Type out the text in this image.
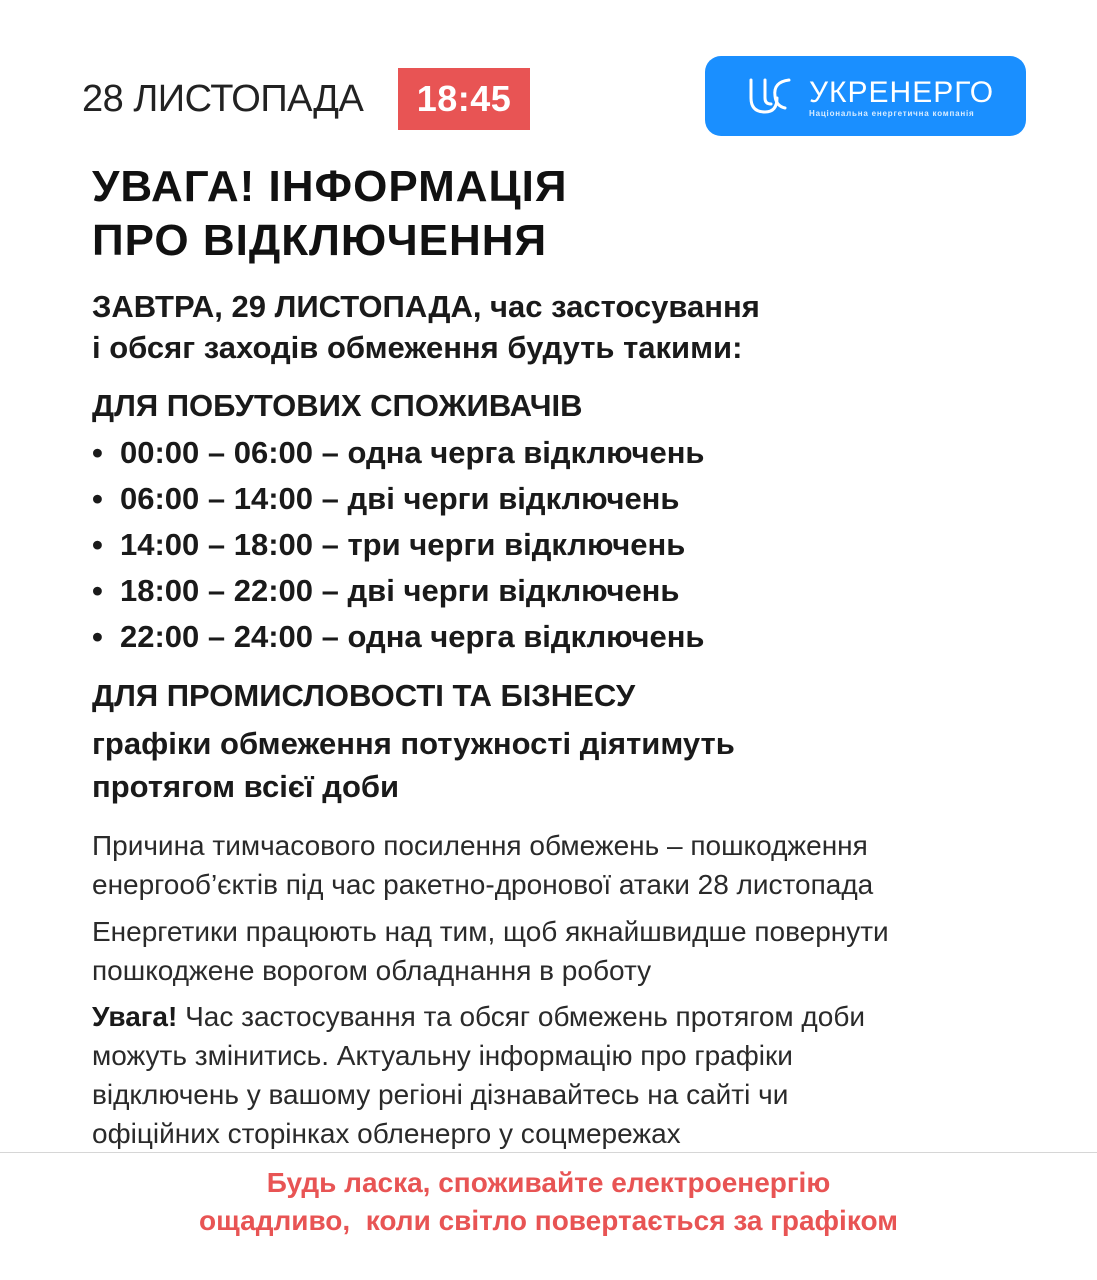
28 ЛИСТОПАДА	18:45	УКРЕНЕРГО
Національна енергетична компанія
УВАГА! ІНФОРМАЦІЯ
ПРО ВІДКЛЮЧЕННЯ
ЗАВТРА, 29 ЛИСТОПАДА, час застосування
і обсяг заходів обмеження будуть такими:
ДЛЯ ПОБУТОВИХ СПОЖИВАЧІВ
• 00:00 – 06:00 – одна черга відключень
• 06:00 – 14:00 – дві черги відключень
• 14:00 – 18:00 – три черги відключень
• 18:00 – 22:00 – дві черги відключень
• 22:00 – 24:00 – одна черга відключень
ДЛЯ ПРОМИСЛОВОСТІ ТА БІЗНЕСУ
графіки обмеження потужності діятимуть
протягом всієї доби
Причина тимчасового посилення обмежень – пошкодження
енергооб’єктів під час ракетно-дронової атаки 28 листопада
Енергетики працюють над тим, щоб якнайшвидше повернути
пошкоджене ворогом обладнання в роботу
Увага! Час застосування та обсяг обмежень протягом доби
можуть змінитись. Актуальну інформацію про графіки
відключень у вашому регіоні дізнавайтесь на сайті чи
офіційних сторінках обленерго у соцмережах
Будь ласка, споживайте електроенергію
ощадливо,  коли світло повертається за графіком
